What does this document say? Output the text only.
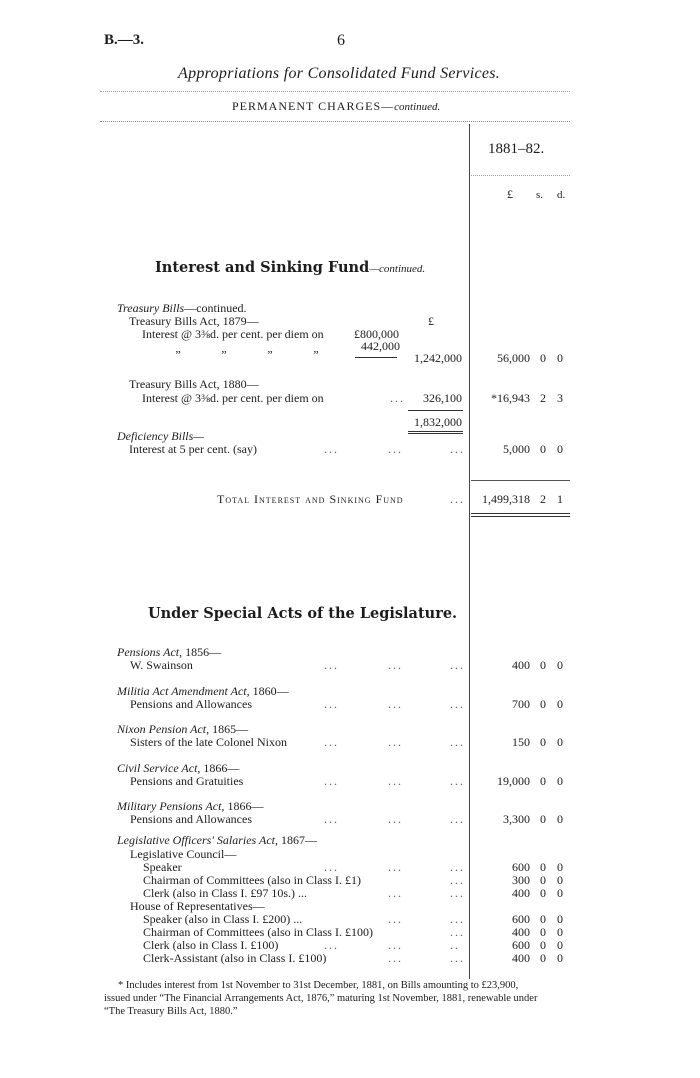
B.—3.	6
Appropriations for Consolidated Fund Services.
PERMANENT CHARGES—continued.
1881–82.
£ s. d.
Interest and Sinking Fund—continued.
Treasury Bills—continued.
Treasury Bills Act, 1879—	£
Interest @ 3⅜d. per cent. per diem on	£800,000
„	„	„	„	442,000
1,242,000	56,000 0 0
Treasury Bills Act, 1880—
Interest @ 3⅜d. per cent. per diem on	...	326,100	*16,943 2 3
1,832,000
Deficiency Bills—
Interest at 5 per cent. (say)	...	...	...	5,000 0 0
Total Interest and Sinking Fund	...	1,499,318 2 1
Under Special Acts of the Legislature.
Pensions Act, 1856—
W. Swainson	...	...	...	400 0 0
Militia Act Amendment Act, 1860—
Pensions and Allowances	...	...	...	700 0 0
Nixon Pension Act, 1865—
Sisters of the late Colonel Nixon	...	...	...	150 0 0
Civil Service Act, 1866—
Pensions and Gratuities	...	...	...	19,000 0 0
Military Pensions Act, 1866—
Pensions and Allowances	...	...	...	3,300 0 0
Legislative Officers' Salaries Act, 1867—
Legislative Council—
Speaker	...	...	...	600 0 0
Chairman of Committees (also in Class I. £1)	...	300 0 0
Clerk (also in Class I. £97 10s.) ...	...	...	400 0 0
House of Representatives—
Speaker (also in Class I. £200) ...	...	...	600 0 0
Chairman of Committees (also in Class I. £100)	...	400 0 0
Clerk (also in Class I. £100)	...	...	..	600 0 0
Clerk-Assistant (also in Class I. £100)	...	...	400 0 0
* Includes interest from 1st November to 31st December, 1881, on Bills amounting to £23,900,
issued under “The Financial Arrangements Act, 1876,” maturing 1st November, 1881, renewable under
“The Treasury Bills Act, 1880.”
